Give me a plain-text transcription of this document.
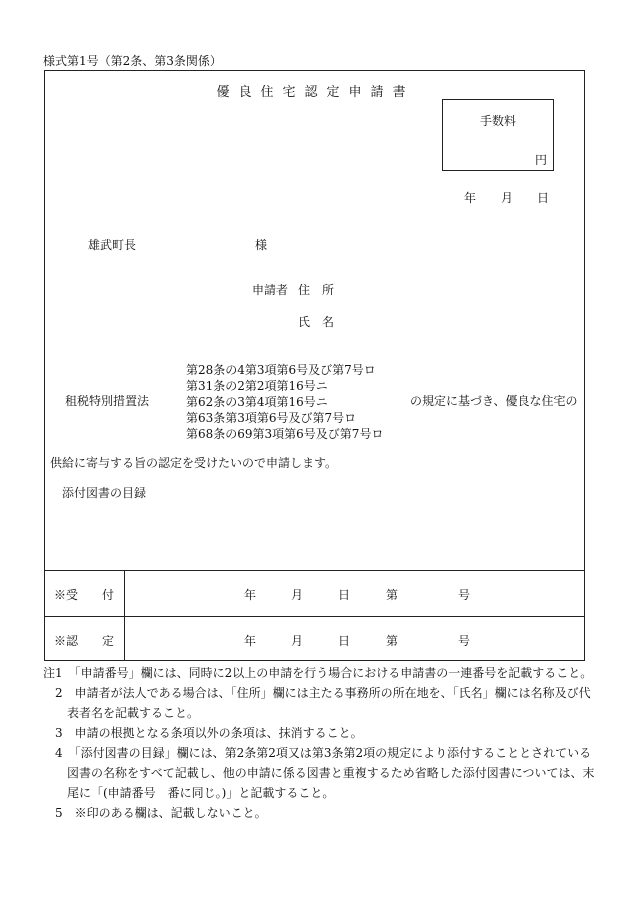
様式第1号（第2条、第3条関係）
優良住宅認定申請書
手数料
円
年 月 日
雄武町長	様
申請者 住　所
氏　名
租税特別措置法
第28条の4第3項第6号及び第7号ロ
第31条の2第2項第16号ニ
第62条の3第4項第16号ニ
第63条第3項第6号及び第7号ロ
第68条の69第3項第6号及び第7号ロ
の規定に基づき、優良な住宅の
供給に寄与する旨の認定を受けたいので申請します。
添付図書の目録
※受　　付	年	月	日	第	号
※認　　定	年	月	日	第	号
注1　「申請番号」欄には、同時に2以上の申請を行う場合における申請書の一連番号を記載すること。
　2　申請者が法人である場合は、「住所」欄には主たる事務所の所在地を、「氏名」欄には名称及び代
　　表者名を記載すること。
　3　申請の根拠となる条項以外の条項は、抹消すること。
　4　「添付図書の目録」欄には、第2条第2項又は第3条第2項の規定により添付することとされている
　　図書の名称をすべて記載し、他の申請に係る図書と重複するため省略した添付図書については、末
　　尾に「(申請番号　番に同じ。)」と記載すること。
　5　※印のある欄は、記載しないこと。
